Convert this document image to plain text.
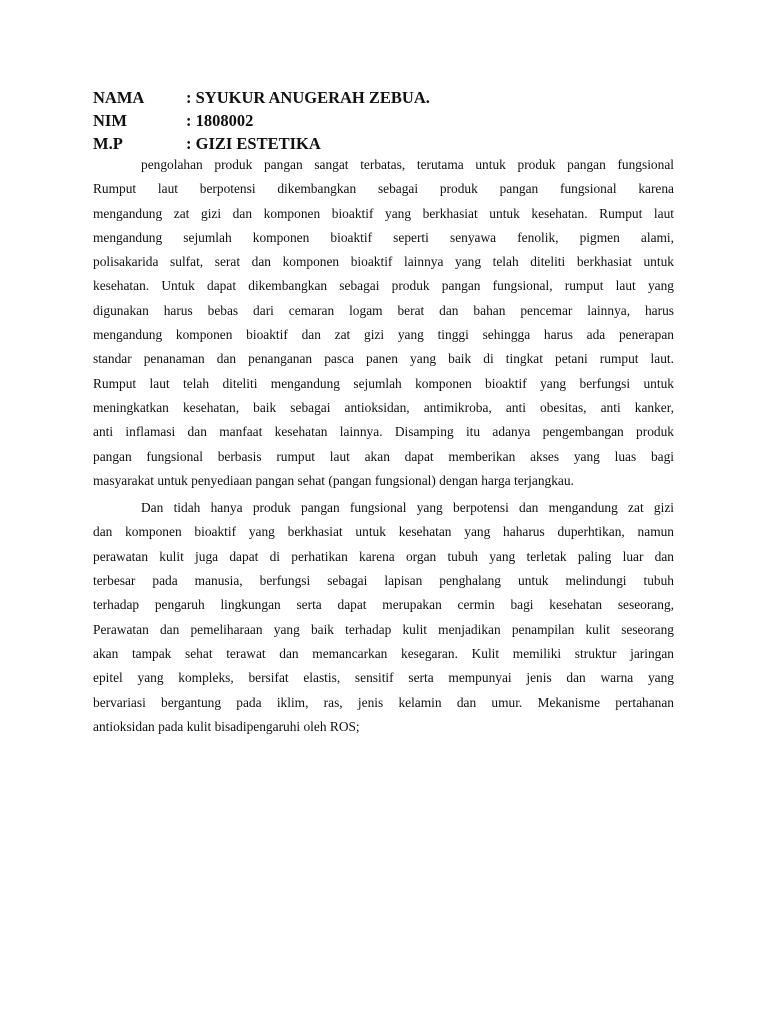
NAMA	: SYUKUR ANUGERAH ZEBUA.
NIM	: 1808002
M.P	: GIZI ESTETIKA
pengolahan produk pangan sangat terbatas, terutama untuk produk pangan fungsional
Rumput laut berpotensi dikembangkan sebagai produk pangan fungsional karena
mengandung zat gizi dan komponen bioaktif yang berkhasiat untuk kesehatan. Rumput laut
mengandung sejumlah komponen bioaktif seperti senyawa fenolik, pigmen alami,
polisakarida sulfat, serat dan komponen bioaktif lainnya yang telah diteliti berkhasiat untuk
kesehatan. Untuk dapat dikembangkan sebagai produk pangan fungsional, rumput laut yang
digunakan harus bebas dari cemaran logam berat dan bahan pencemar lainnya, harus
mengandung komponen bioaktif dan zat gizi yang tinggi sehingga harus ada penerapan
standar penanaman dan penanganan pasca panen yang baik di tingkat petani rumput laut.
Rumput laut telah diteliti mengandung sejumlah komponen bioaktif yang berfungsi untuk
meningkatkan kesehatan, baik sebagai antioksidan, antimikroba, anti obesitas, anti kanker,
anti inflamasi dan manfaat kesehatan lainnya. Disamping itu adanya pengembangan produk
pangan fungsional berbasis rumput laut akan dapat memberikan akses yang luas bagi
masyarakat untuk penyediaan pangan sehat (pangan fungsional) dengan harga terjangkau.
Dan tidah hanya produk pangan fungsional yang berpotensi dan mengandung zat gizi
dan komponen bioaktif yang berkhasiat untuk kesehatan yang haharus duperhtikan, namun
perawatan kulit juga dapat di perhatikan karena organ tubuh yang terletak paling luar dan
terbesar pada manusia, berfungsi sebagai lapisan penghalang untuk melindungi tubuh
terhadap pengaruh lingkungan serta dapat merupakan cermin bagi kesehatan seseorang,
Perawatan dan pemeliharaan yang baik terhadap kulit menjadikan penampilan kulit seseorang
akan tampak sehat terawat dan memancarkan kesegaran. Kulit memiliki struktur jaringan
epitel yang kompleks, bersifat elastis, sensitif serta mempunyai jenis dan warna yang
bervariasi bergantung pada iklim, ras, jenis kelamin dan umur. Mekanisme pertahanan
antioksidan pada kulit bisadipengaruhi oleh ROS;
